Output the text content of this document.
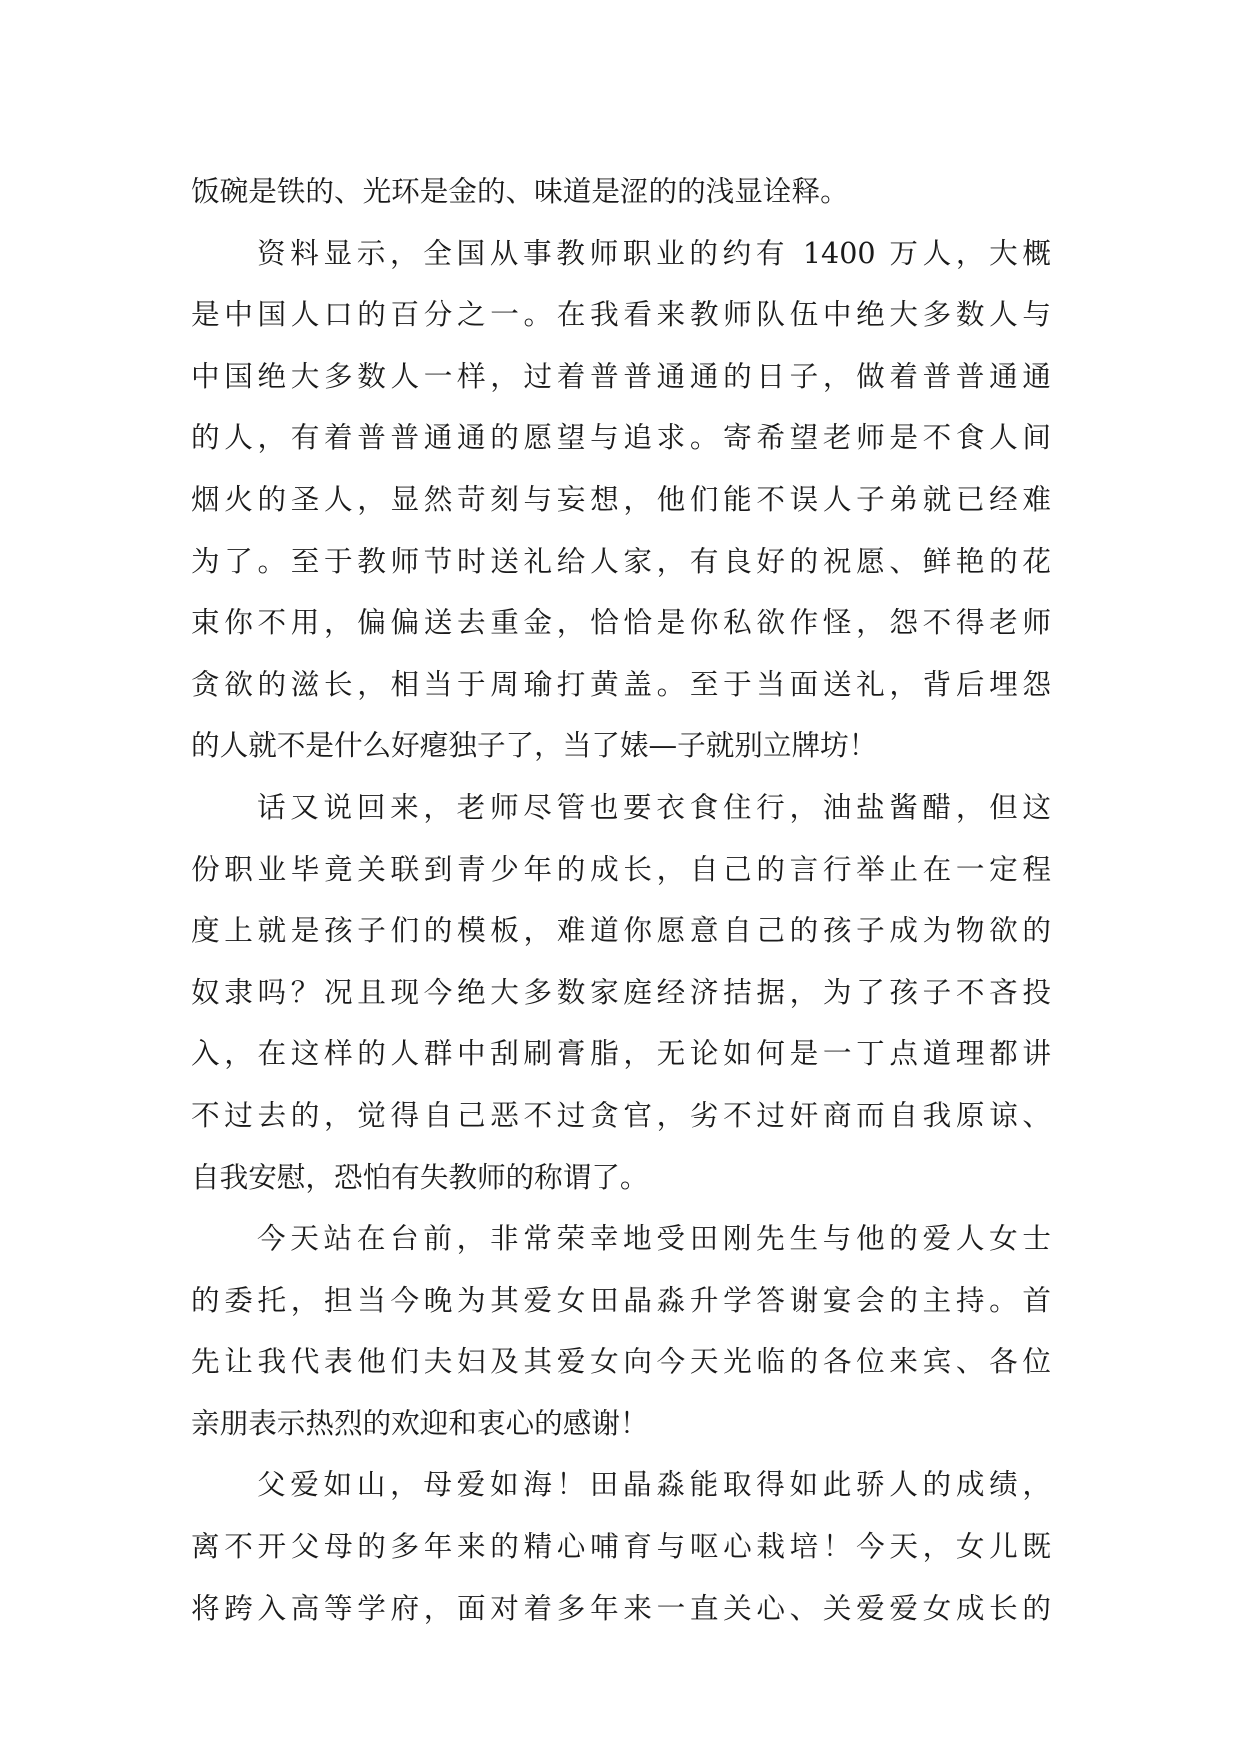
饭碗是铁的、光环是金的、味道是涩的的浅显诠释。
资料显示，全国从事教师职业的约有 1400 万人，大概
是中国人口的百分之一。在我看来教师队伍中绝大多数人与
中国绝大多数人一样，过着普普通通的日子，做着普普通通
的人，有着普普通通的愿望与追求。寄希望老师是不食人间
烟火的圣人，显然苛刻与妄想，他们能不误人子弟就已经难
为了。至于教师节时送礼给人家，有良好的祝愿、鲜艳的花
束你不用，偏偏送去重金，恰恰是你私欲作怪，怨不得老师
贪欲的滋长，相当于周瑜打黄盖。至于当面送礼，背后埋怨
的人就不是什么好瘪独子了，当了婊—子就别立牌坊！
话又说回来，老师尽管也要衣食住行，油盐酱醋，但这
份职业毕竟关联到青少年的成长，自己的言行举止在一定程
度上就是孩子们的模板，难道你愿意自己的孩子成为物欲的
奴隶吗？况且现今绝大多数家庭经济拮据，为了孩子不吝投
入，在这样的人群中刮刷膏脂，无论如何是一丁点道理都讲
不过去的，觉得自己恶不过贪官，劣不过奸商而自我原谅、
自我安慰，恐怕有失教师的称谓了。
今天站在台前，非常荣幸地受田刚先生与他的爱人女士
的委托，担当今晚为其爱女田晶淼升学答谢宴会的主持。首
先让我代表他们夫妇及其爱女向今天光临的各位来宾、各位
亲朋表示热烈的欢迎和衷心的感谢！
父爱如山，母爱如海！田晶淼能取得如此骄人的成绩，
离不开父母的多年来的精心哺育与呕心栽培！今天，女儿既
将跨入高等学府，面对着多年来一直关心、关爱爱女成长的
